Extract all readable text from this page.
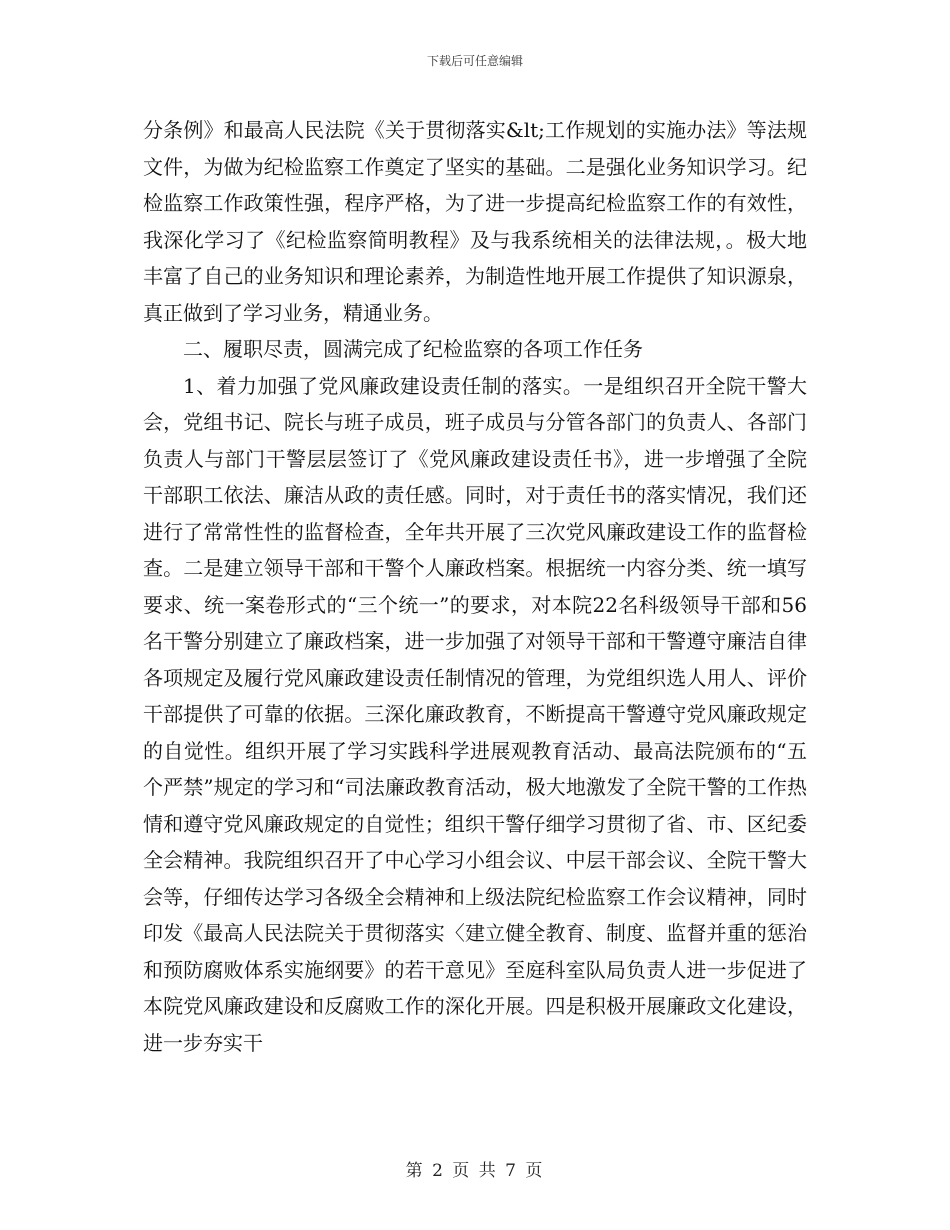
下载后可任意编辑

分条例》和最高人民法院《关于贯彻落实&lt;工作规划的实施办法》等法规文件，为做为纪检监察工作奠定了坚实的基础。二是强化业务知识学习。纪检监察工作政策性强，程序严格，为了进一步提高纪检监察工作的有效性，我深化学习了《纪检监察简明教程》及与我系统相关的法律法规，。极大地丰富了自己的业务知识和理论素养，为制造性地开展工作提供了知识源泉，真正做到了学习业务，精通业务。

二、履职尽责，圆满完成了纪检监察的各项工作任务

1、着力加强了党风廉政建设责任制的落实。一是组织召开全院干警大会，党组书记、院长与班子成员，班子成员与分管各部门的负责人、各部门负责人与部门干警层层签订了《党风廉政建设责任书》，进一步增强了全院干部职工依法、廉洁从政的责任感。同时，对于责任书的落实情况，我们还进行了常常性性的监督检查，全年共开展了三次党风廉政建设工作的监督检查。二是建立领导干部和干警个人廉政档案。根据统一内容分类、统一填写要求、统一案卷形式的“三个统一”的要求，对本院22名科级领导干部和56名干警分别建立了廉政档案，进一步加强了对领导干部和干警遵守廉洁自律各项规定及履行党风廉政建设责任制情况的管理，为党组织选人用人、评价干部提供了可靠的依据。三深化廉政教育，不断提高干警遵守党风廉政规定的自觉性。组织开展了学习实践科学进展观教育活动、最高法院颁布的“五个严禁”规定的学习和“司法廉政教育活动，极大地激发了全院干警的工作热情和遵守党风廉政规定的自觉性；组织干警仔细学习贯彻了省、市、区纪委全会精神。我院组织召开了中心学习小组会议、中层干部会议、全院干警大会等，仔细传达学习各级全会精神和上级法院纪检监察工作会议精神，同时印发《最高人民法院关于贯彻落实〈建立健全教育、制度、监督并重的惩治和预防腐败体系实施纲要》的若干意见》至庭科室队局负责人进一步促进了本院党风廉政建设和反腐败工作的深化开展。四是积极开展廉政文化建设，进一步夯实干

第 2 页 共 7 页
